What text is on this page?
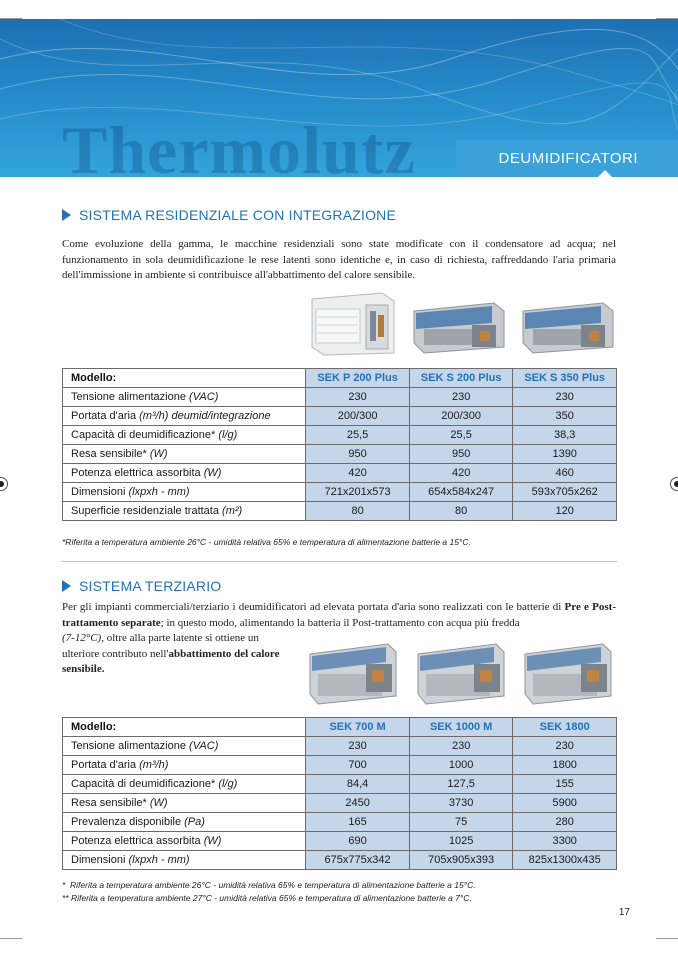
Thermolutz	DEUMIDIFICATORI
SISTEMA RESIDENZIALE CON INTEGRAZIONE

Come evoluzione della gamma, le macchine residenziali sono state modificate con il condensatore ad acqua; nel funzionamento in sola deumidificazione le rese latenti sono identiche e, in caso di richiesta, raffreddando l'aria primaria dell'immissione in ambiente si contribuisce all'abbattimento del calore sensibile.

Modello:	SEK P 200 Plus	SEK S 200 Plus	SEK S 350 Plus
Tensione alimentazione (VAC)	230	230	230
Portata d'aria (m³/h) deumid/integrazione	200/300	200/300	350
Capacità di deumidificazione* (l/g)	25,5	25,5	38,3
Resa sensibile* (W)	950	950	1390
Potenza elettrica assorbita (W)	420	420	460
Dimensioni (lxpxh - mm)	721x201x573	654x584x247	593x705x262
Superficie residenziale trattata (m²)	80	80	120
*Riferita a temperatura ambiente 26°C - umidità relativa 65% e temperatura di alimentazione batterie a 15°C.
SISTEMA TERZIARIO

Per gli impianti commerciali/terziario i deumidificatori ad elevata portata d'aria sono realizzati con le batterie di Pre e Post-trattamento separate; in questo modo, alimentando la batteria il Post-trattamento con acqua più fredda

(7-12°C), oltre alla parte latente si ottiene un ulteriore contributo nell'abbattimento del calore sensibile.

Modello:	SEK 700 M	SEK 1000 M	SEK 1800
Tensione alimentazione (VAC)	230	230	230
Portata d'aria (m³/h)	700	1000	1800
Capacità di deumidificazione* (l/g)	84,4	127,5	155
Resa sensibile* (W)	2450	3730	5900
Prevalenza disponibile (Pa)	165	75	280
Potenza elettrica assorbita (W)	690	1025	3300
Dimensioni (lxpxh - mm)	675x775x342	705x905x393	825x1300x435
*  Riferita a temperatura ambiente 26°C - umidità relativa 65% e temperatura di alimentazione batterie a 15°C.
** Riferita a temperatura ambiente 27°C - umidità relativa 65% e temperatura di alimentazione batterie a 7°C.
17
